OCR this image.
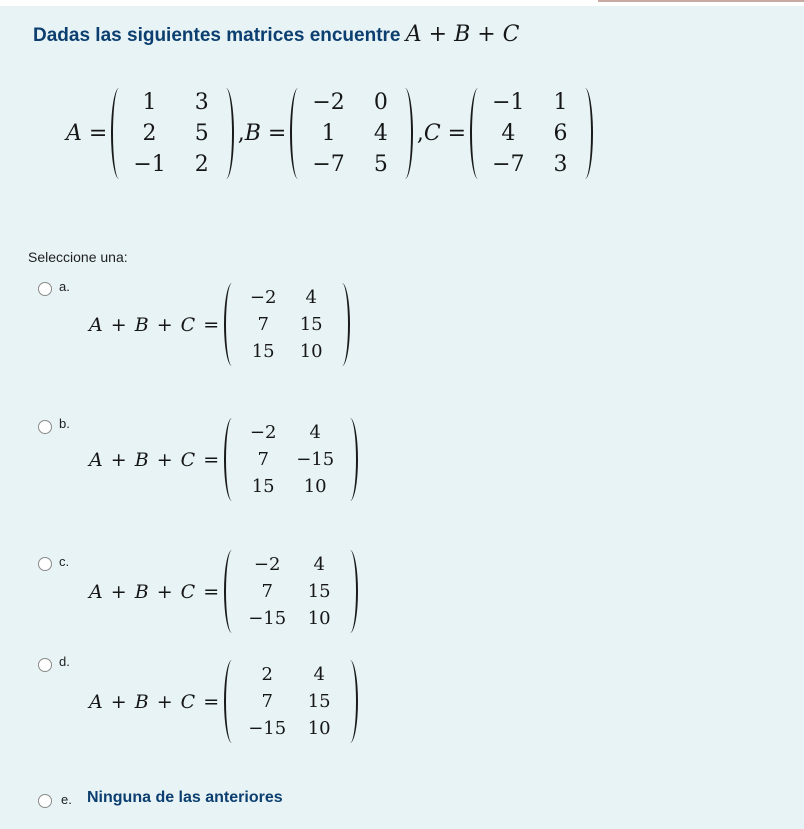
Dadas las siguientes matrices encuentre A + B + C
A =
1	3
2	5
−1 2
, B =
−2 0
1	4
−7 5
, C =
−1 1
4	6
−7 3
Seleccione una:
a.
A + B + C =
−2	4
7	15
15 10
b.
A + B + C =
−2	4
7	−15
15	10
c.
A + B + C =
−2	4
7	15
−15 10
d.
A + B + C =
2	4
7	15
−15 10
e. Ninguna de las anteriores
